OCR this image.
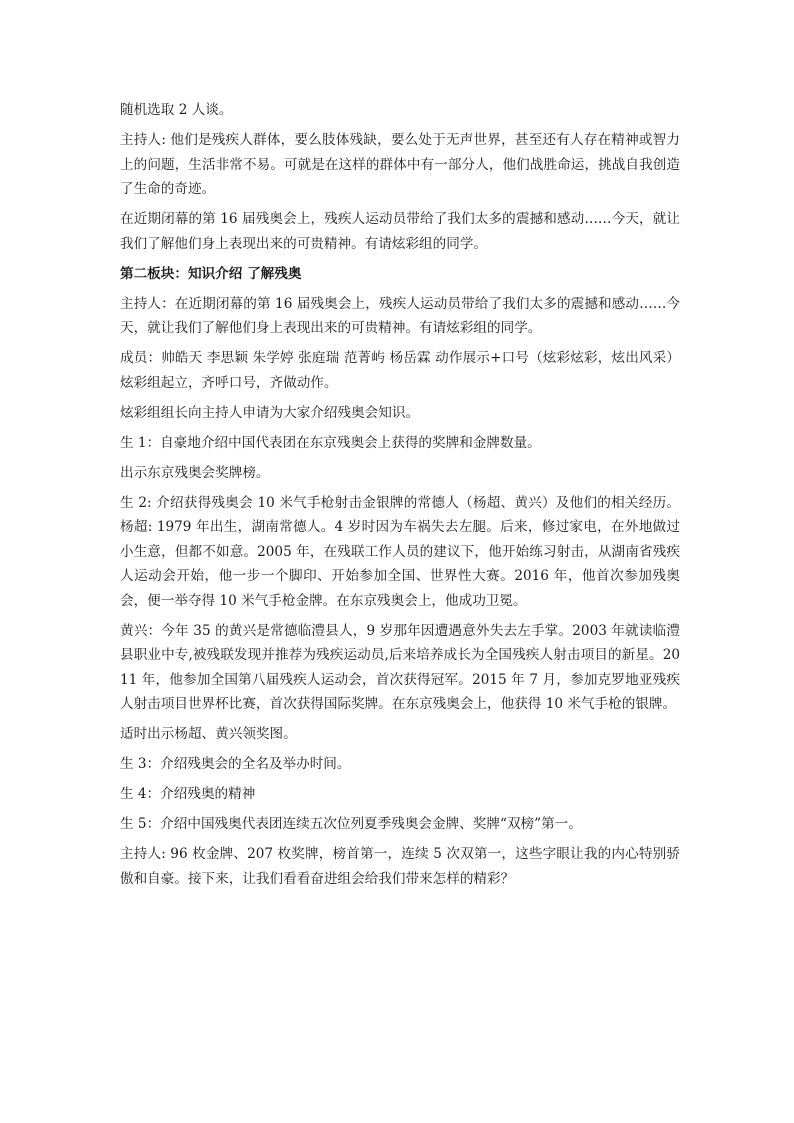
随机选取 2 人谈。

主持人: 他们是残疾人群体，要么肢体残缺，要么处于无声世界，甚至还有人存在精神或智力上的问题，生活非常不易。可就是在这样的群体中有一部分人，他们战胜命运，挑战自我创造了生命的奇迹。

在近期闭幕的第 16 届残奥会上，残疾人运动员带给了我们太多的震撼和感动……今天，就让我们了解他们身上表现出来的可贵精神。有请炫彩组的同学。

第二板块：知识介绍 了解残奥

主持人：在近期闭幕的第 16 届残奥会上，残疾人运动员带给了我们太多的震撼和感动……今天，就让我们了解他们身上表现出来的可贵精神。有请炫彩组的同学。

成员：帅皓天 李思颖 朱学婷 张庭瑞 范菁屿 杨岳霖 动作展示+口号（炫彩炫彩，炫出风采）炫彩组起立，齐呼口号，齐做动作。

炫彩组组长向主持人申请为大家介绍残奥会知识。

生 1：自豪地介绍中国代表团在东京残奥会上获得的奖牌和金牌数量。

出示东京残奥会奖牌榜。

生 2: 介绍获得残奥会 10 米气手枪射击金银牌的常德人（杨超、黄兴）及他们的相关经历。杨超: 1979 年出生，湖南常德人。4 岁时因为车祸失去左腿。后来，修过家电，在外地做过小生意，但都不如意。2005 年，在残联工作人员的建议下，他开始练习射击，从湖南省残疾人运动会开始，他一步一个脚印、开始参加全国、世界性大赛。2016 年，他首次参加残奥会，便一举夺得 10 米气手枪金牌。在东京残奥会上，他成功卫冕。

黄兴：今年 35 的黄兴是常德临澧县人，9 岁那年因遭遇意外失去左手掌。2003 年就读临澧县职业中专,被残联发现并推荐为残疾运动员,后来培养成长为全国残疾人射击项目的新星。2011 年，他参加全国第八届残疾人运动会，首次获得冠军。2015 年 7 月，参加克罗地亚残疾人射击项目世界杯比赛，首次获得国际奖牌。在东京残奥会上，他获得 10 米气手枪的银牌。

适时出示杨超、黄兴领奖图。

生 3：介绍残奥会的全名及举办时间。

生 4：介绍残奥的精神

生 5：介绍中国残奥代表团连续五次位列夏季残奥会金牌、奖牌“双榜”第一。

主持人: 96 枚金牌、207 枚奖牌，榜首第一，连续 5 次双第一，这些字眼让我的内心特别骄傲和自豪。接下来，让我们看看奋进组会给我们带来怎样的精彩？
